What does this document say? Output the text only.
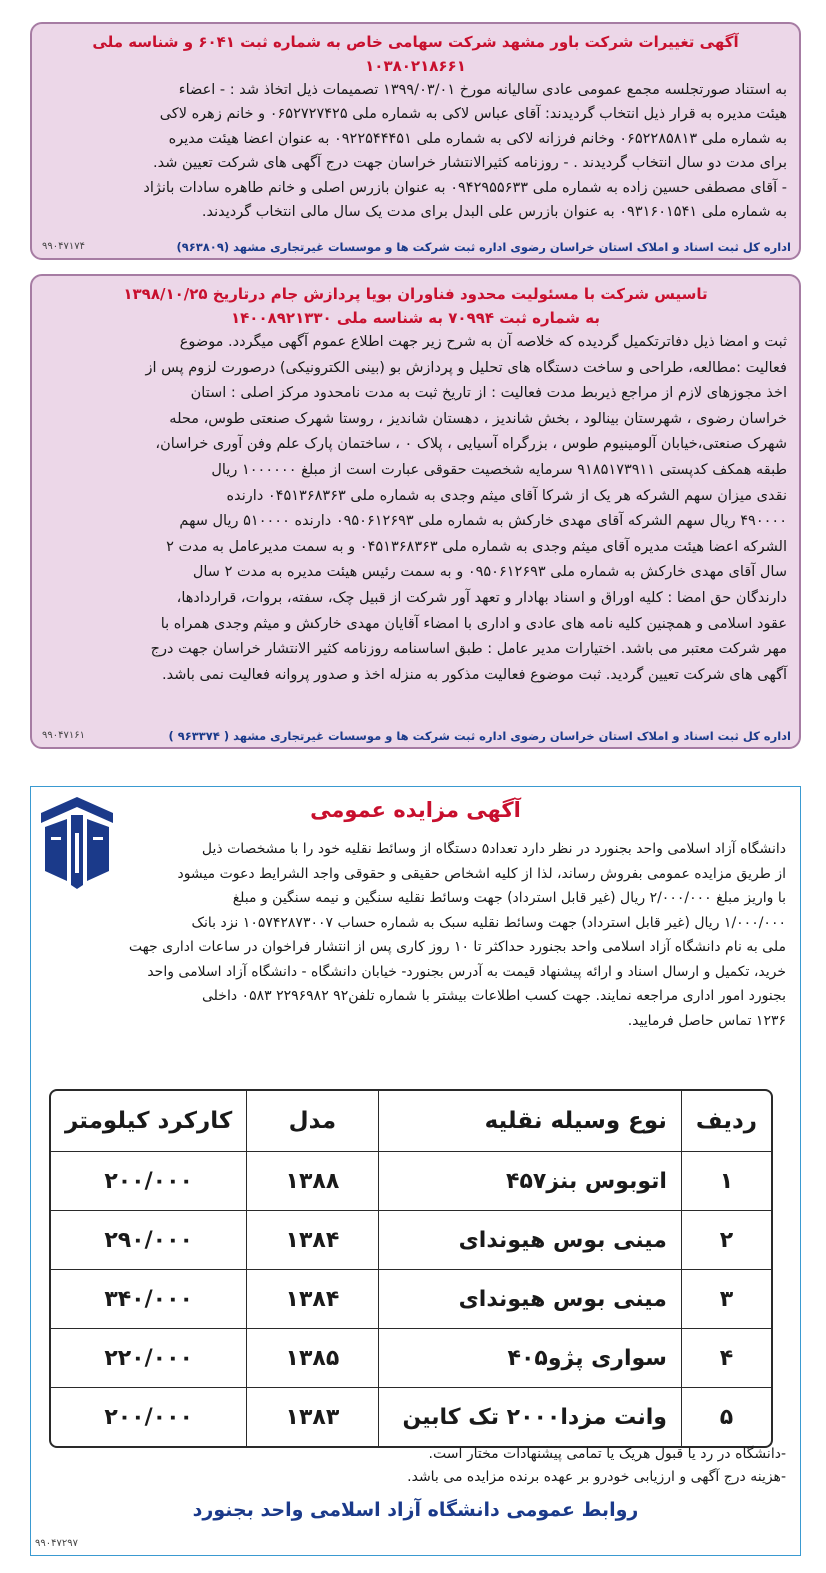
آگهی تغییرات شرکت باور مشهد شرکت سهامی خاص به شماره ثبت ۶۰۴۱ و شناسه ملی ۱۰۳۸۰۲۱۸۶۶۱
به استناد صورتجلسه مجمع عمومی عادی سالیانه مورخ ۱۳۹۹/۰۳/۰۱ تصمیمات ذیل اتخاذ شد : - اعضاء
هیئت مدیره به قرار ذیل انتخاب گردیدند: آقای عباس لاکی به شماره ملی ۰۶۵۲۷۲۷۴۲۵ و خانم زهره لاکی
به شماره ملی ۰۶۵۲۲۸۵۸۱۳ وخانم فرزانه لاکی به شماره ملی ۰۹۲۲۵۴۴۴۵۱ به عنوان اعضا هیئت مدیره
برای مدت دو سال انتخاب گردیدند . - روزنامه کثیرالانتشار خراسان جهت درج آگهی های شرکت تعیین شد.
- آقای مصطفی حسین زاده به شماره ملی ۰۹۴۲۹۵۵۶۳۳ به عنوان بازرس اصلی و خانم طاهره سادات بانژاد
به شماره ملی ۰۹۳۱۶۰۱۵۴۱ به عنوان بازرس علی البدل برای مدت یک سال مالی انتخاب گردیدند.
اداره کل ثبت اسناد و املاک استان خراسان رضوی اداره ثبت شرکت ها و موسسات غیرتجاری مشهد (۹۶۳۸۰۹)
۹۹۰۴۷۱۷۴
تاسیس شرکت با مسئولیت محدود فناوران بویا پردازش جام درتاریخ ۱۳۹۸/۱۰/۲۵
به شماره ثبت ۷۰۹۹۴ به شناسه ملی ۱۴۰۰۸۹۲۱۳۳۰
ثبت و امضا ذیل دفاترتکمیل گردیده که خلاصه آن به شرح زیر جهت اطلاع عموم آگهی میگردد. موضوع
فعالیت :مطالعه، طراحی و ساخت دستگاه های تحلیل و پردازش بو (بینی الکترونیکی) درصورت لزوم پس از
اخذ مجوزهای لازم از مراجع ذیربط مدت فعالیت : از تاریخ ثبت به مدت نامحدود مرکز اصلی : استان
خراسان رضوی ، شهرستان بینالود ، بخش شاندیز ، دهستان شاندیز ، روستا شهرک صنعتی طوس، محله
شهرک صنعتی،خیابان آلومینیوم طوس ، بزرگراه آسیایی ، پلاک ۰ ، ساختمان پارک علم وفن آوری خراسان،
طبقه همکف کدپستی ۹۱۸۵۱۷۳۹۱۱ سرمایه شخصیت حقوقی عبارت است از مبلغ ۱۰۰۰۰۰۰ ریال
نقدی میزان سهم الشرکه هر یک از شرکا آقای میثم وجدی به شماره ملی ۰۴۵۱۳۶۸۳۶۳ دارنده
۴۹۰۰۰۰ ریال سهم الشرکه آقای مهدی خارکش به شماره ملی ۰۹۵۰۶۱۲۶۹۳ دارنده ۵۱۰۰۰۰ ریال سهم
الشرکه اعضا هیئت مدیره آقای میثم وجدی به شماره ملی ۰۴۵۱۳۶۸۳۶۳ و به سمت مدیرعامل به مدت ۲
سال آقای مهدی خارکش به شماره ملی ۰۹۵۰۶۱۲۶۹۳ و به سمت رئیس هیئت مدیره به مدت ۲ سال
دارندگان حق امضا : کلیه اوراق و اسناد بهادار و تعهد آور شرکت از قبیل چک، سفته، بروات، قراردادها،
عقود اسلامی و همچنین کلیه نامه های عادی و اداری با امضاء آقایان مهدی خارکش و میثم وجدی همراه با
مهر شرکت معتبر می باشد. اختیارات مدیر عامل : طبق اساسنامه روزنامه کثیر الانتشار خراسان جهت درج
آگهی های شرکت تعیین گردید. ثبت موضوع فعالیت مذکور به منزله اخذ و صدور پروانه فعالیت نمی باشد.
اداره کل ثبت اسناد و املاک استان خراسان رضوی اداره ثبت شرکت ها و موسسات غیرتجاری مشهد ( ۹۶۳۳۷۴ )
۹۹۰۴۷۱۶۱
آگهی مزایده عمومی
دانشگاه آزاد اسلامی واحد بجنورد در نظر دارد تعداد۵ دستگاه از وسائط نقلیه خود را با مشخصات ذیل
از طریق مزایده عمومی بفروش رساند، لذا از کلیه اشخاص حقیقی و حقوقی واجد الشرایط دعوت میشود
با واریز مبلغ ۲/۰۰۰/۰۰۰ ریال (غیر قابل استرداد) جهت وسائط نقلیه سنگین و نیمه سنگین و مبلغ
۱/۰۰۰/۰۰۰ ریال (غیر قابل استرداد) جهت وسائط نقلیه سبک به شماره حساب ۱۰۵۷۴۲۸۷۳۰۰۷ نزد بانک
ملی به نام دانشگاه آزاد اسلامی واحد بجنورد حداکثر تا ۱۰ روز کاری پس از انتشار فراخوان در ساعات اداری جهت
خرید، تکمیل و ارسال اسناد و ارائه پیشنهاد قیمت به آدرس بجنورد- خیابان دانشگاه - دانشگاه آزاد اسلامی واحد
بجنورد امور اداری مراجعه نمایند. جهت کسب اطلاعات بیشتر با شماره تلفن۹۲ ۲۲۹۶۹۸۲ ۰۵۸۳ داخلی
۱۲۳۶ تماس حاصل فرمایید.
ردیف	نوع وسیله نقلیه	مدل	کارکرد کیلومتر
۱	اتوبوس بنز۴۵۷	۱۳۸۸	۲۰۰/۰۰۰
۲	مینی بوس هیوندای	۱۳۸۴	۲۹۰/۰۰۰
۳	مینی بوس هیوندای	۱۳۸۴	۳۴۰/۰۰۰
۴	سواری پژو۴۰۵	۱۳۸۵	۲۲۰/۰۰۰
۵	وانت مزدا۲۰۰۰ تک کابین	۱۳۸۳	۲۰۰/۰۰۰
-دانشگاه در رد یا قبول هریک یا تمامی پیشنهادات مختار است.
-هزینه درج آگهی و ارزیابی خودرو بر عهده برنده مزایده می باشد.
روابط عمومی دانشگاه آزاد اسلامی واحد بجنورد
۹۹۰۴۷۲۹۷
